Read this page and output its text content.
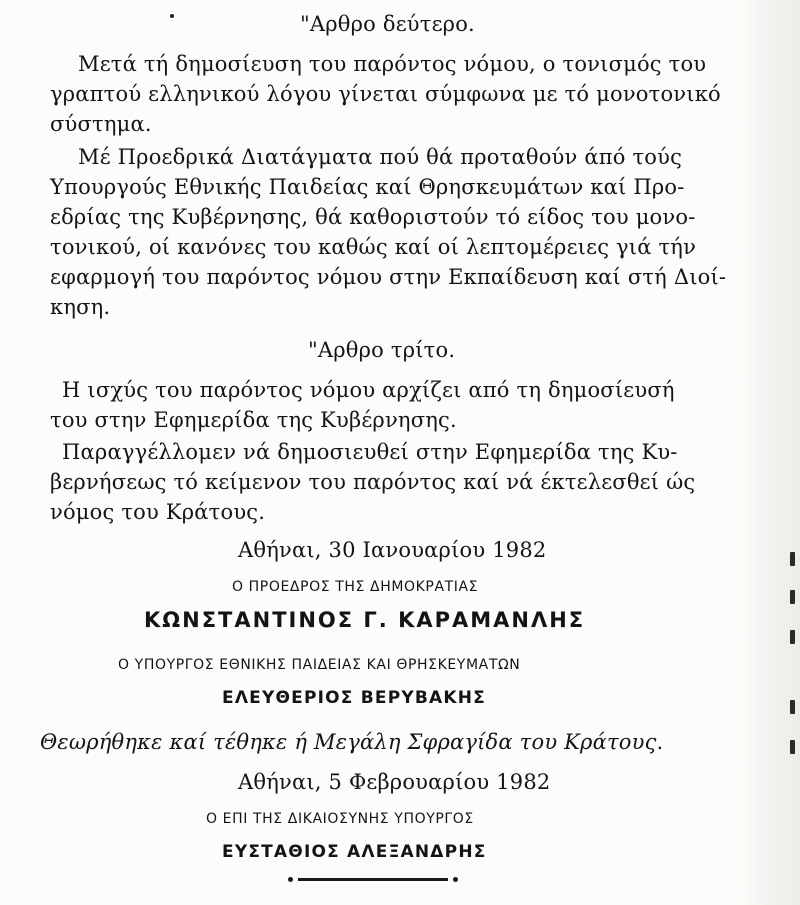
"Αρθρο δεύτερο.
Μετά τή δημοσίευση του παρόντος νόμου, ο τονισμός του
γραπτού ελληνικού λόγου γίνεται σύμφωνα με τό μονοτονικό
σύστημα.
Μέ Προεδρικά Διατάγματα πού θά προταθούν άπό τούς
Υπουργούς Εθνικής Παιδείας καί Θρησκευμάτων καί Προ-
εδρίας της Κυβέρνησης, θά καθοριστούν τό είδος του μονο-
τονικού, οί κανόνες του καθώς καί οί λεπτομέρειες γιά τήν
εφαρμογή του παρόντος νόμου στην Εκπαίδευση καί στή Διοί-
κηση.
"Αρθρο τρίτο.
Η ισχύς του παρόντος νόμου αρχίζει από τη δημοσίευσή
του στην Εφημερίδα της Κυβέρνησης.
Παραγγέλλομεν νά δημοσιευθεί στην Εφημερίδα της Κυ-
βερνήσεως τό κείμενον του παρόντος καί νά έκτελεσθεί ώς
νόμος του Κράτους.
Αθήναι, 30 Ιανουαρίου 1982
Ο ΠΡΟΕΔΡΟΣ ΤΗΣ ΔΗΜΟΚΡΑΤΙΑΣ
ΚΩΝΣΤΑΝΤΙΝΟΣ Γ. ΚΑΡΑΜΑΝΛΗΣ
Ο ΥΠΟΥΡΓΟΣ ΕΘΝΙΚΗΣ ΠΑΙΔΕΙΑΣ ΚΑΙ ΘΡΗΣΚΕΥΜΑΤΩΝ
ΕΛΕΥΘΕΡΙΟΣ ΒΕΡΥΒΑΚΗΣ
Θεωρήθηκε καί τέθηκε ή Μεγάλη Σφραγίδα του Κράτους.
Αθήναι, 5 Φεβρουαρίου 1982
Ο ΕΠΙ ΤΗΣ ΔΙΚΑΙΟΣΥΝΗΣ ΥΠΟΥΡΓΟΣ
ΕΥΣΤΑΘΙΟΣ ΑΛΕΞΑΝΔΡΗΣ
